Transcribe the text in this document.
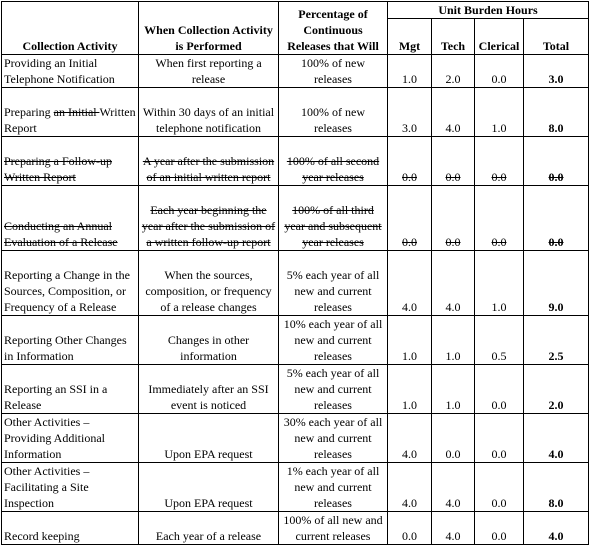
Collection Activity	When Collection Activity is Performed	Percentage of Continuous Releases that Will	Unit Burden Hours			
			Mgt	Tech	Clerical	Total
Providing an Initial Telephone Notification	When first reporting a release	100% of new releases	1.0	2.0	0.0	3.0
Preparing an Initial Written Report	Within 30 days of an initial telephone notification	100% of new releases	3.0	4.0	1.0	8.0
Preparing a Follow-up Written Report	A year after the submission of an initial written report	100% of all second year releases	0.0	0.0	0.0	0.0
Conducting an Annual Evaluation of a Release	Each year beginning the year after the submission of a written follow-up report	100% of all third year and subsequent year releases	0.0	0.0	0.0	0.0
Reporting a Change in the Sources, Composition, or Frequency of a Release	When the sources, composition, or frequency of a release changes	5% each year of all new and current releases	4.0	4.0	1.0	9.0
Reporting Other Changes in Information	Changes in other information	10% each year of all new and current releases	1.0	1.0	0.5	2.5
Reporting an SSI in a Release	Immediately after an SSI event is noticed	5% each year of all new and current releases	1.0	1.0	0.0	2.0
Other Activities – Providing Additional Information	Upon EPA request	30% each year of all new and current releases	4.0	0.0	0.0	4.0
Other Activities – Facilitating a Site Inspection	Upon EPA request	1% each year of all new and current releases	4.0	4.0	0.0	8.0
Record keeping	Each year of a release	100% of all new and current releases	0.0	4.0	0.0	4.0
